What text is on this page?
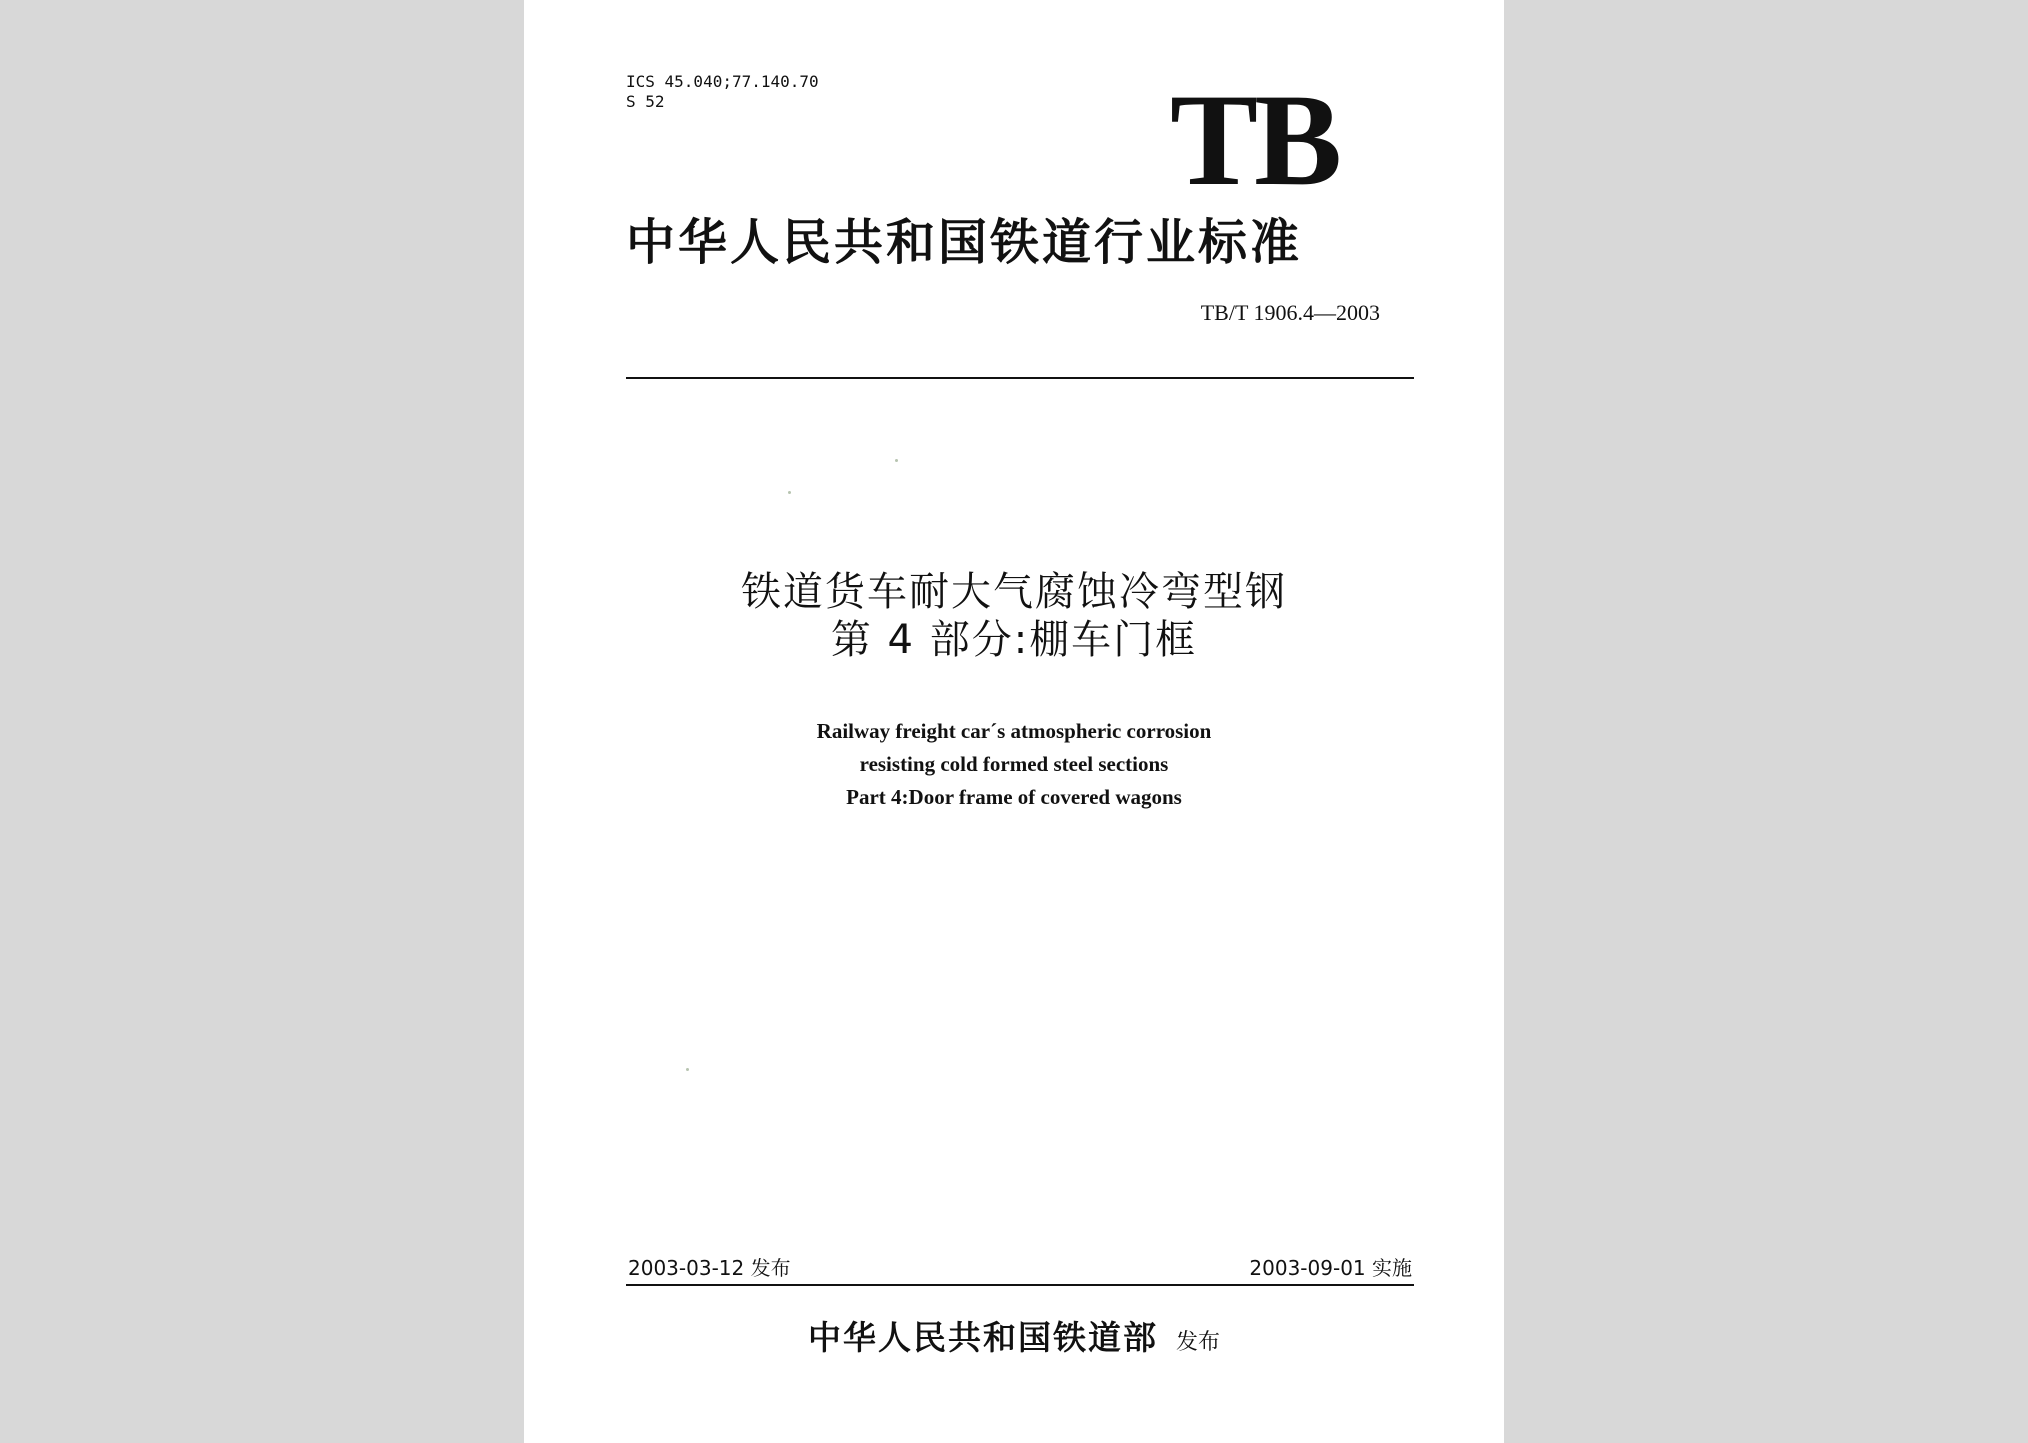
ICS 45.040;77.140.70
S 52	TB
中华人民共和国铁道行业标准
TB/T 1906.4—2003
铁道货车耐大气腐蚀冷弯型钢
第 4 部分:棚车门框
Railway freight car´s atmospheric corrosion
resisting cold formed steel sections
Part 4:Door frame of covered wagons
2003-03-12 发布	2003-09-01 实施
中华人民共和国铁道部 发布
